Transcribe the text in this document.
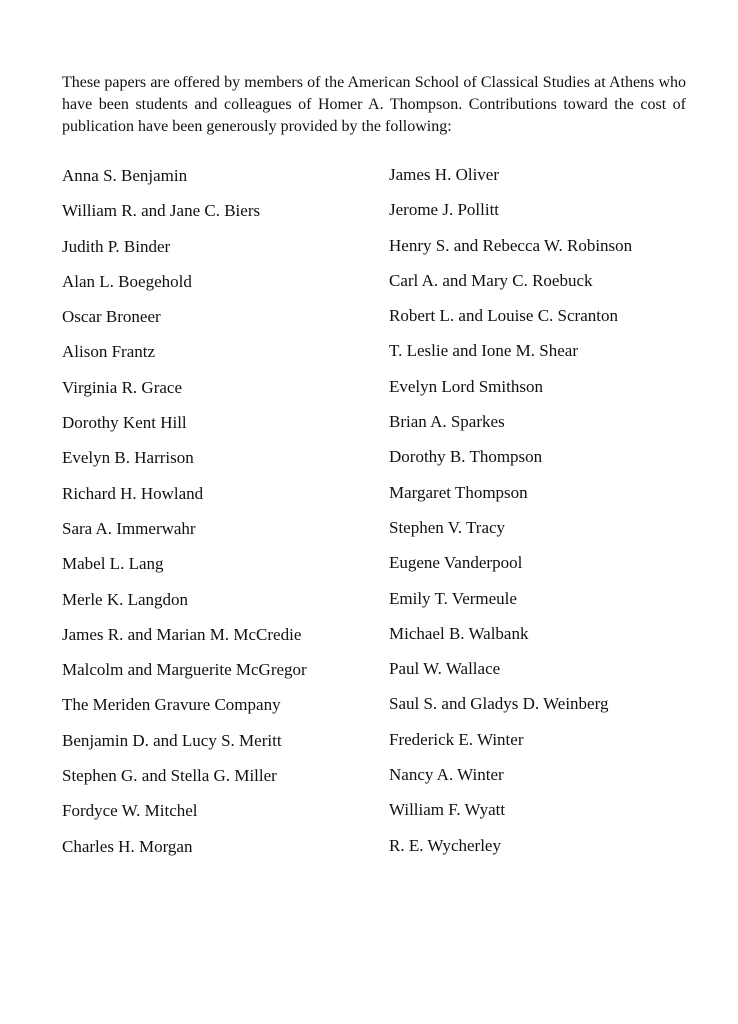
These papers are offered by members of the American School of Classical Studies at Athens who have been students and colleagues of Homer A. Thompson. Contributions toward the cost of publication have been generously provided by the following:

Anna S. Benjamin
William R. and Jane C. Biers
Judith P. Binder
Alan L. Boegehold
Oscar Broneer
Alison Frantz
Virginia R. Grace
Dorothy Kent Hill
Evelyn B. Harrison
Richard H. Howland
Sara A. Immerwahr
Mabel L. Lang
Merle K. Langdon
James R. and Marian M. McCredie
Malcolm and Marguerite McGregor
The Meriden Gravure Company
Benjamin D. and Lucy S. Meritt
Stephen G. and Stella G. Miller
Fordyce W. Mitchel
Charles H. Morgan
James H. Oliver
Jerome J. Pollitt
Henry S. and Rebecca W. Robinson
Carl A. and Mary C. Roebuck
Robert L. and Louise C. Scranton
T. Leslie and Ione M. Shear
Evelyn Lord Smithson
Brian A. Sparkes
Dorothy B. Thompson
Margaret Thompson
Stephen V. Tracy
Eugene Vanderpool
Emily T. Vermeule
Michael B. Walbank
Paul W. Wallace
Saul S. and Gladys D. Weinberg
Frederick E. Winter
Nancy A. Winter
William F. Wyatt
R. E. Wycherley
